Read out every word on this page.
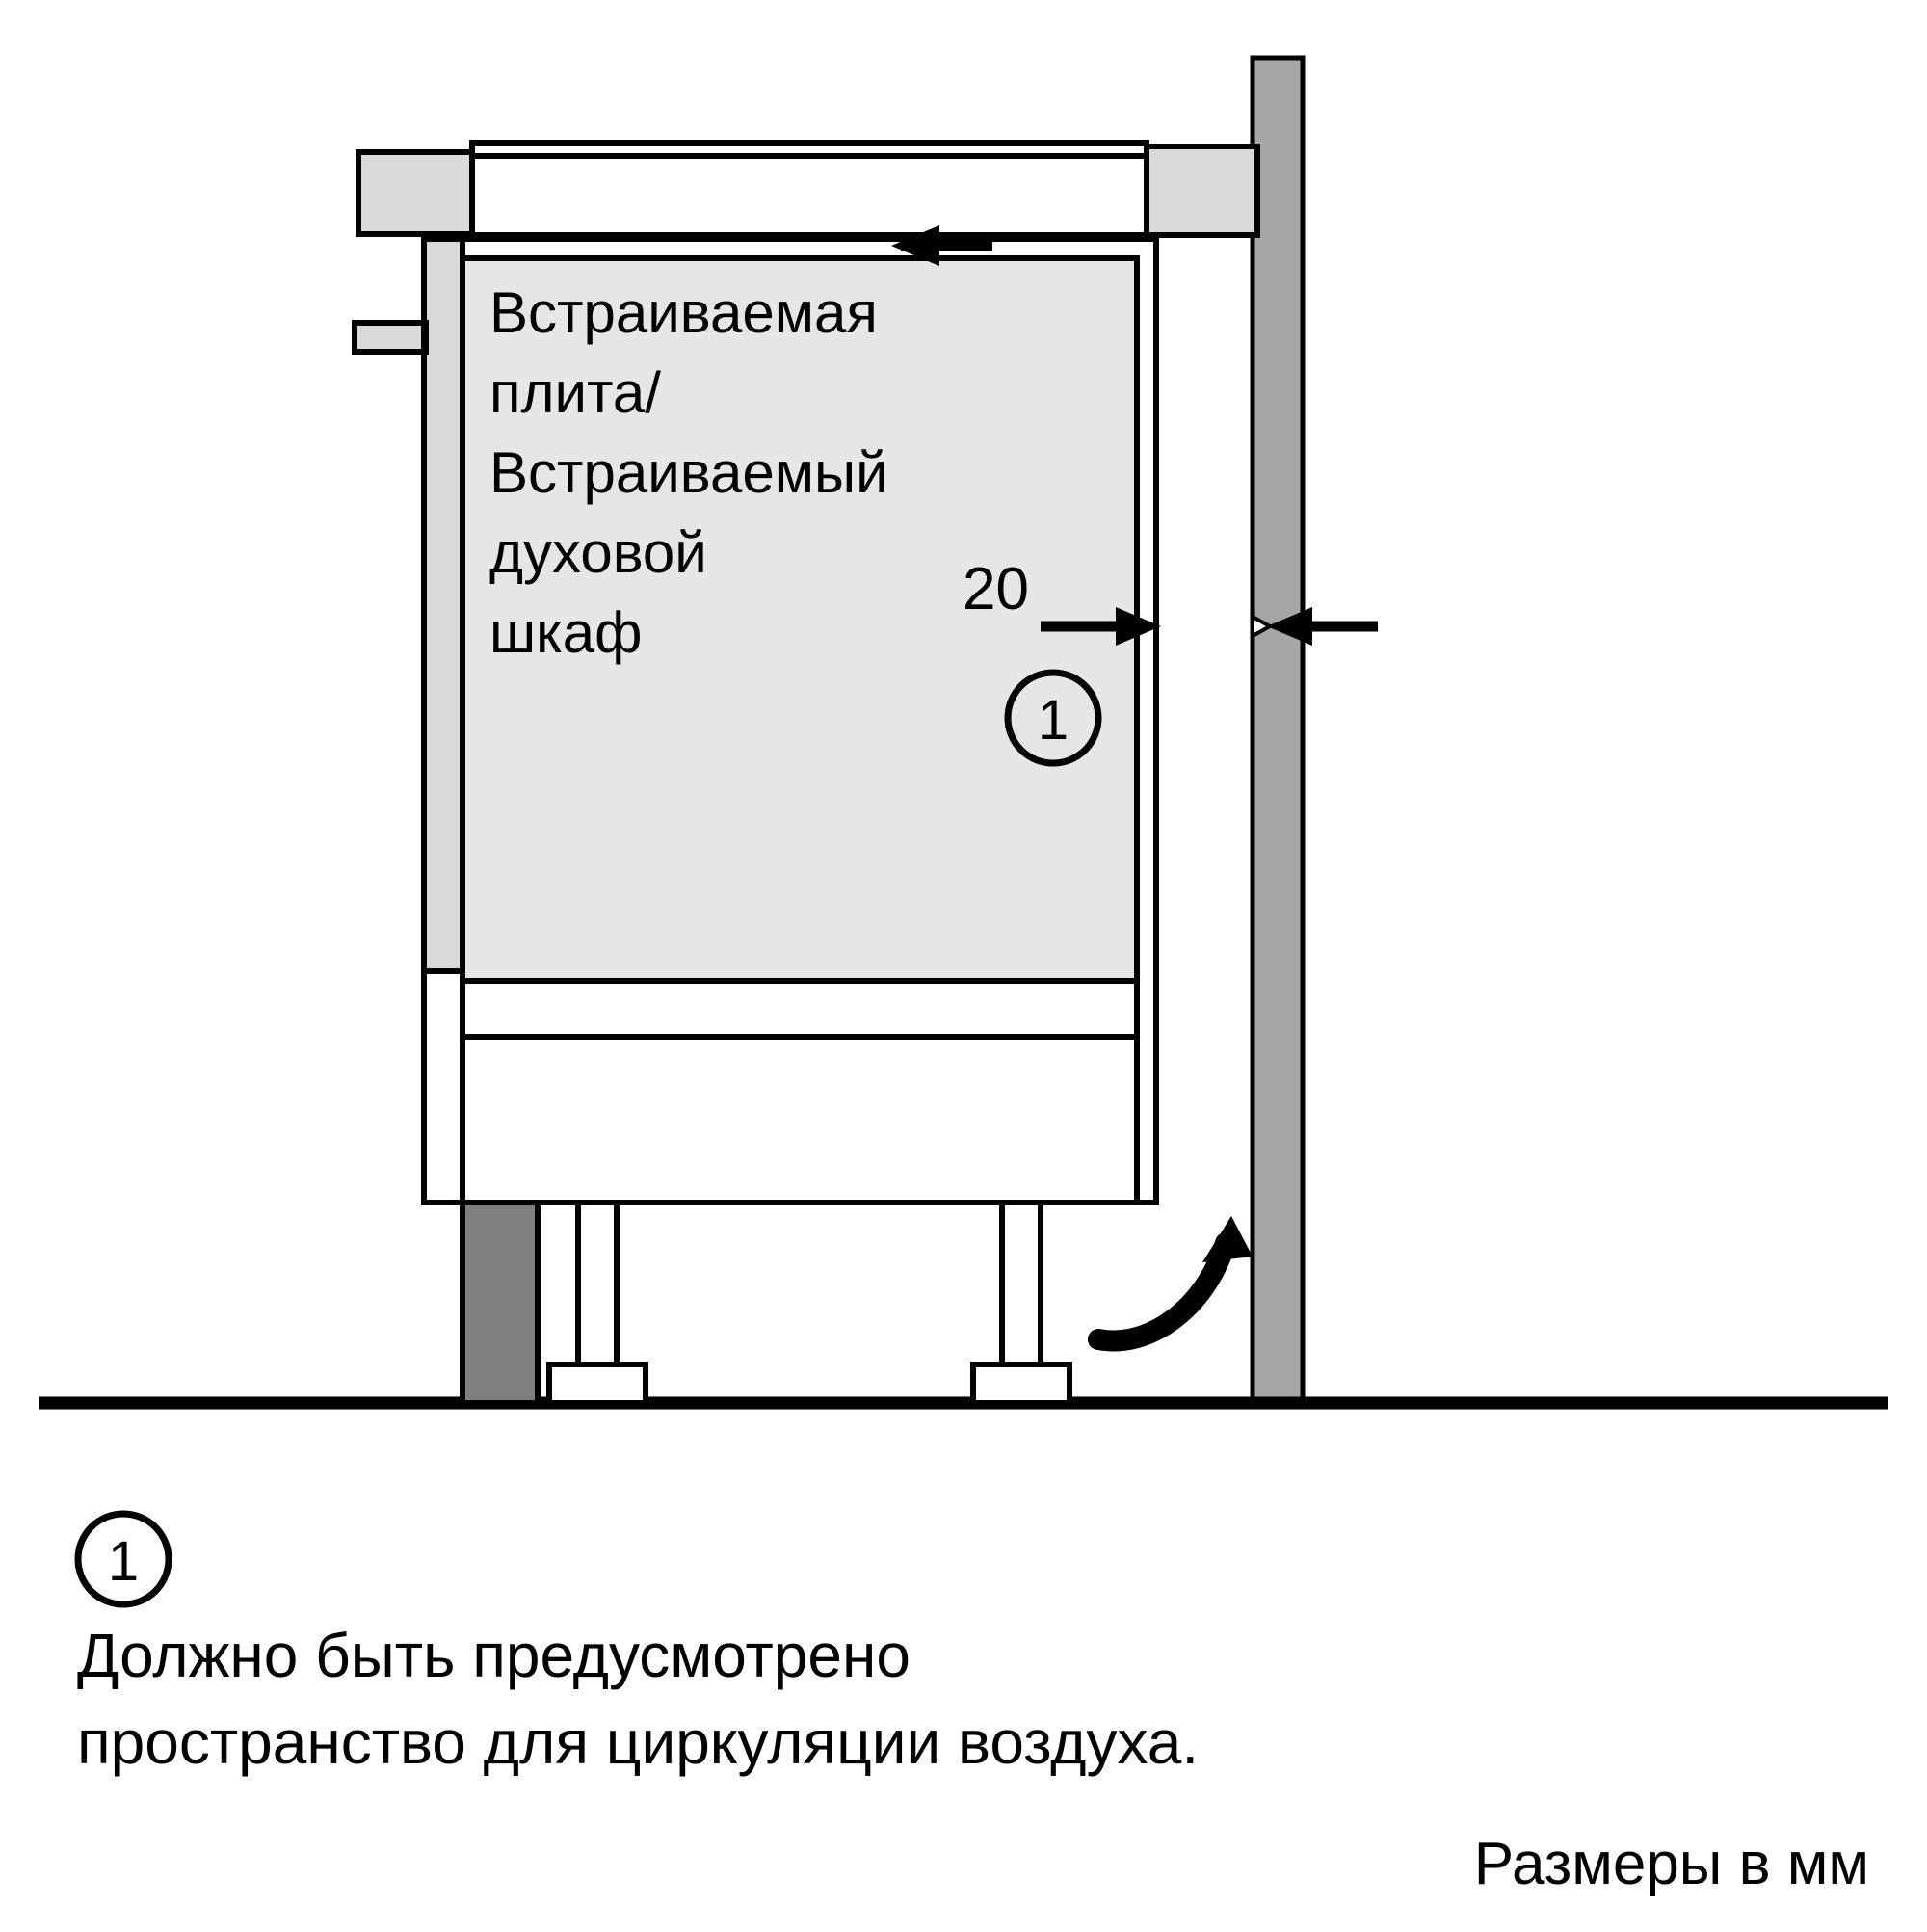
20
1
Встраиваемая
плита/
Встраиваемый
духовой
шкаф
1
Должно быть предусмотрено
пространство для циркуляции воздуха.
Размеры в мм
